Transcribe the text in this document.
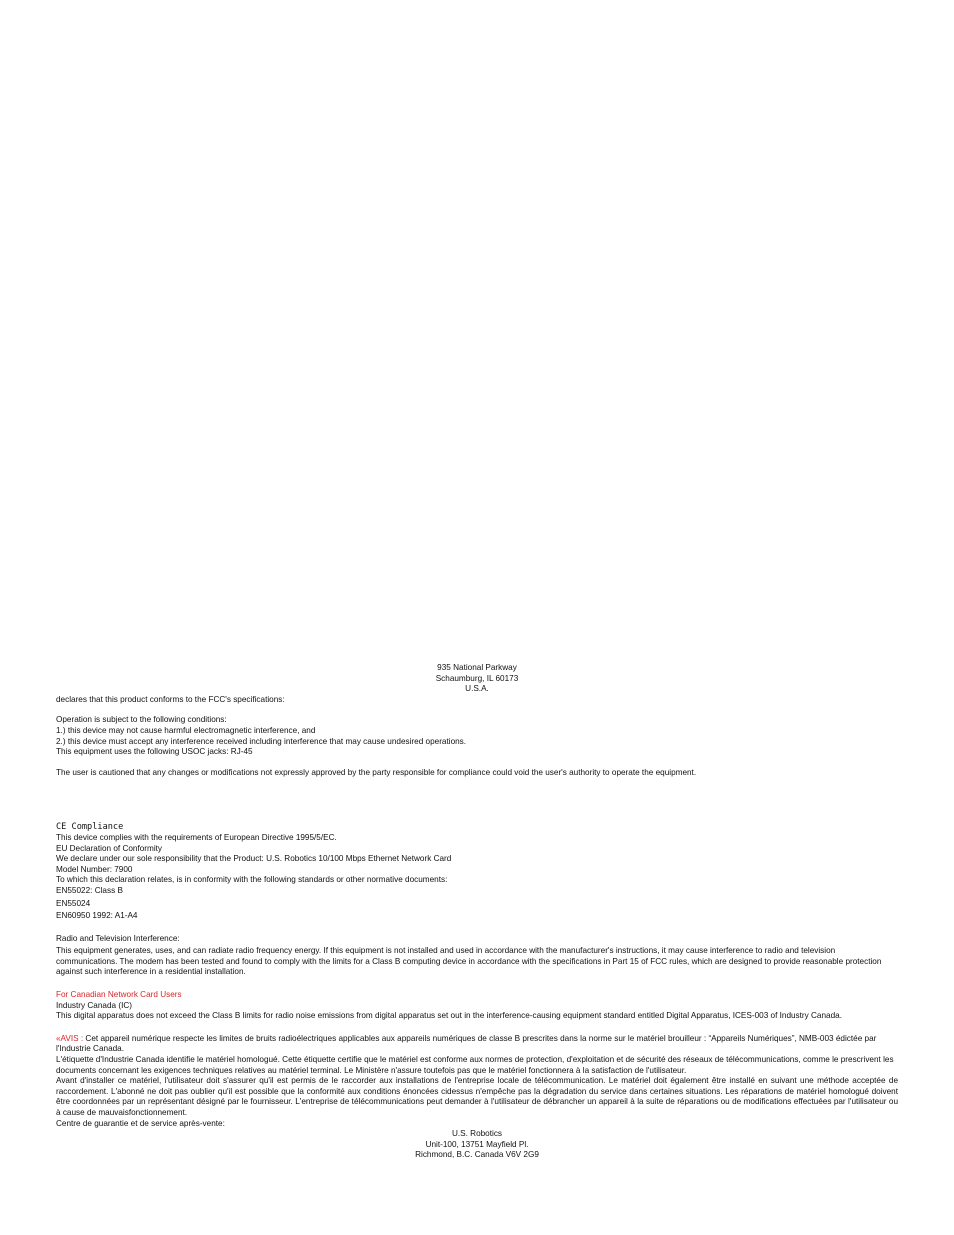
935 National Parkway
Schaumburg, IL 60173
U.S.A.

declares that this product conforms to the FCC's specifications:

Operation is subject to the following conditions:

1.) this device may not cause harmful electromagnetic interference, and

2.) this device must accept any interference received including interference that may cause undesired operations.

This equipment uses the following USOC jacks: RJ-45

The user is cautioned that any changes or modifications not expressly approved by the party responsible for compliance could void the user's authority to operate the equipment.

CE Compliance

This device complies with the requirements of European Directive 1995/5/EC.

EU Declaration of Conformity

We declare under our sole responsibility that the Product: U.S. Robotics 10/100 Mbps Ethernet Network Card

Model Number: 7900

To which this declaration relates, is in conformity with the following standards or other normative documents:

EN55022: Class B

EN55024

EN60950 1992: A1-A4

Radio and Television Interference:

This equipment generates, uses, and can radiate radio frequency energy. If this equipment is not installed and used in accordance with the manufacturer's instructions, it may cause interference to radio and television communications. The modem has been tested and found to comply with the limits for a Class B computing device in accordance with the specifications in Part 15 of FCC rules, which are designed to provide reasonable protection against such interference in a residential installation.

For Canadian Network Card Users

Industry Canada (IC)

This digital apparatus does not exceed the Class B limits for radio noise emissions from digital apparatus set out in the interference-causing equipment standard entitled Digital Apparatus, ICES-003 of Industry Canada.

«AVIS : Cet appareil numérique respecte les limites de bruits radioélectriques applicables aux appareils numériques de classe B prescrites dans la norme sur le matériel brouilleur : “Appareils Numériques”, NMB-003 édictée par l'Industrie Canada.

L'étiquette d'Industrie Canada identifie le matériel homologué. Cette étiquette certifie que le matériel est conforme aux normes de protection, d'exploitation et de sécurité des réseaux de télécommunications, comme le prescrivent les documents concernant les exigences techniques relatives au matériel terminal. Le Ministère n'assure toutefois pas que le matériel fonctionnera à la satisfaction de l'utilisateur.

Avant d'installer ce matériel, l'utilisateur doit s'assurer qu'il est permis de le raccorder aux installations de l'entreprise locale de télécommunication. Le matériel doit également être installé en suivant une méthode acceptée de raccordement. L'abonné ne doit pas oublier qu'il est possible que la conformité aux conditions énoncées cidessus n'empêche pas la dégradation du service dans certaines situations. Les réparations de matériel homologué doivent être coordonnées par un représentant désigné par le fournisseur. L'entreprise de télécommunications peut demander à l'utilisateur de débrancher un appareil à la suite de réparations ou de modifications effectuées par l'utilisateur ou à cause de mauvaisfonctionnement.

Centre de guarantie et de service après-vente:

U.S. Robotics
Unit-100, 13751 Mayfield Pl.
Richmond, B.C. Canada V6V 2G9
